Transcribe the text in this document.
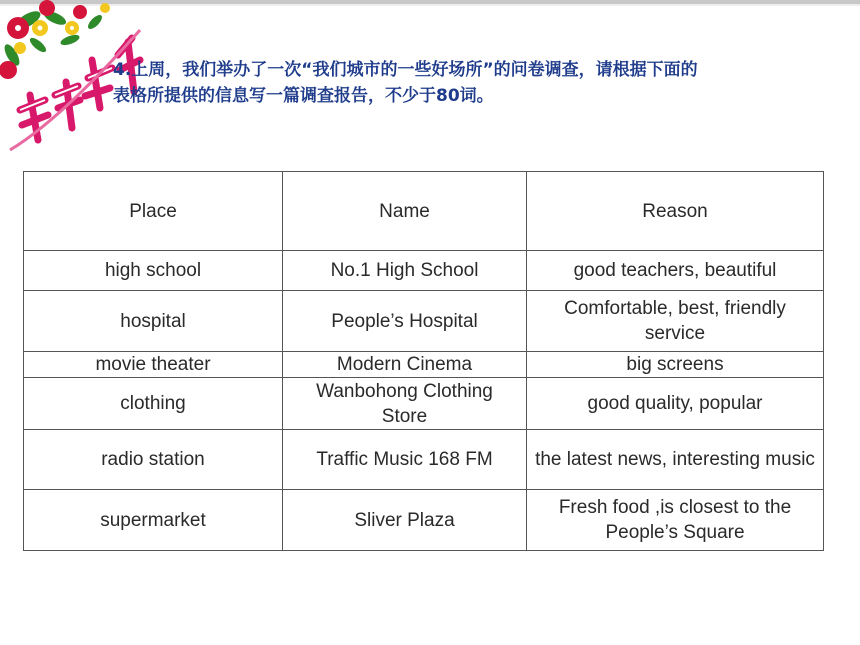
4.上周，我们举办了一次“我们城市的一些好场所”的问卷调查，请根据下面的表格所提供的信息写一篇调查报告，不少于80词。

Place	Name	Reason
high school	No.1 High School	good teachers, beautiful
hospital	People’s Hospital	Comfortable, best, friendly service
movie theater	Modern Cinema	big screens
clothing	Wanbohong Clothing Store	good quality, popular
radio station	Traffic Music 168 FM	the latest news, interesting music
supermarket	Sliver Plaza	Fresh food ,is closest to the People’s Square
